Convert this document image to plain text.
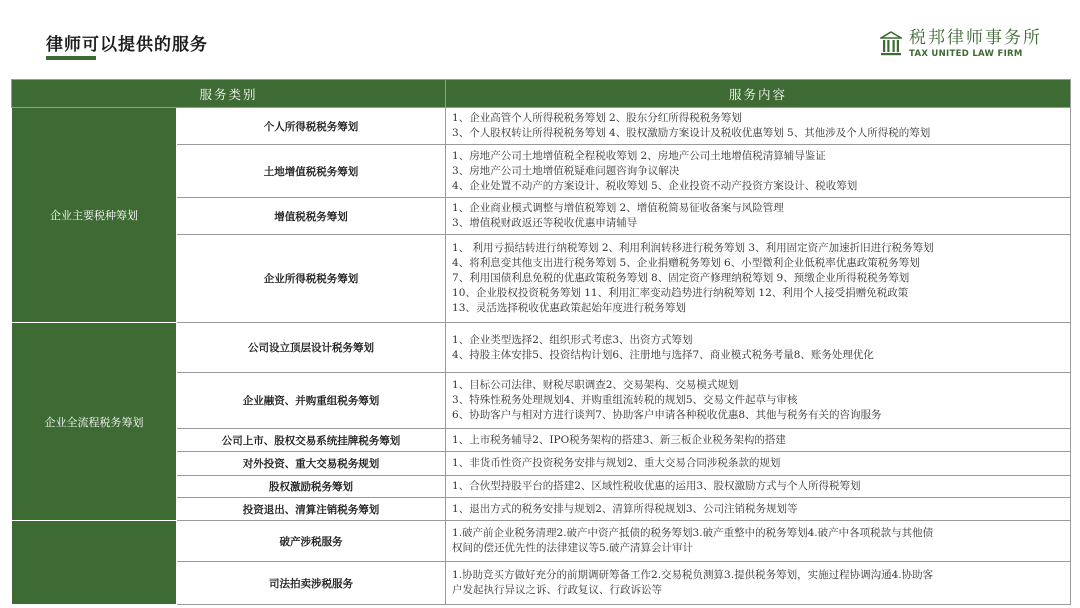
律师可以提供的服务	税邦律师事务所
TAX UNITED LAW FIRM
服务类别		服务内容
企业主要税种筹划	个人所得税税务筹划	1、企业高管个人所得税税务筹划 2、股东分红所得税税务筹划
3、个人股权转让所得税税务筹划 4、股权激励方案设计及税收优惠筹划 5、其他涉及个人所得税的筹划

	土地增值税税务筹划	1、房地产公司土地增值税全程税收筹划 2、房地产公司土地增值税清算辅导鉴证
3、房地产公司土地增值税疑难问题咨询争议解决
4、企业处置不动产的方案设计、税收筹划 5、企业投资不动产投资方案设计、税收筹划

	增值税税务筹划	1、企业商业模式调整与增值税筹划 2、增值税简易征收备案与风险管理
3、增值税财政返还等税收优惠申请辅导

	企业所得税税务筹划	1、 利用亏损结转进行纳税筹划 2、利用利润转移进行税务筹划 3、利用固定资产加速折旧进行税务筹划
4、将利息变其他支出进行税务筹划 5、企业捐赠税务筹划 6、小型微利企业低税率优惠政策税务筹划
7、利用国债利息免税的优惠政策税务筹划 8、固定资产修理纳税筹划 9、预缴企业所得税税务筹划
10、企业股权投资税务筹划 11、利用汇率变动趋势进行纳税筹划 12、利用个人接受捐赠免税政策
13、灵活选择税收优惠政策起始年度进行税务筹划

企业全流程税务筹划	公司设立顶层设计税务筹划	1、企业类型选择2、组织形式考虑3、出资方式筹划
4、持股主体安排5、投资结构计划6、注册地与选择7、商业模式税务考量8、账务处理优化

	企业融资、并购重组税务筹划	1、目标公司法律、财税尽职调查2、交易架构、交易模式规划
3、特殊性税务处理规划4、并购重组流转税的规划5、交易文件起草与审核
6、协助客户与相对方进行谈判7、协助客户申请各种税收优惠8、其他与税务有关的咨询服务

	公司上市、股权交易系统挂牌税务筹划	1、上市税务辅导2、IPO税务架构的搭建3、新三板企业税务架构的搭建

	对外投资、重大交易税务规划	1、非货币性资产投资税务安排与规划2、重大交易合同涉税条款的规划

	股权激励税务筹划	1、合伙型持股平台的搭建2、区域性税收优惠的运用3、股权激励方式与个人所得税筹划

	投资退出、清算注销税务筹划	1、退出方式的税务安排与规划2、清算所得税规划3、公司注销税务规划等

	破产涉税服务	1.破产前企业税务清理2.破产中资产抵债的税务筹划3.破产重整中的税务筹划4.破产中各项税款与其他债
权间的偿还优先性的法律建议等5.破产清算会计审计

	司法拍卖涉税服务	1.协助竞买方做好充分的前期调研筹备工作2.交易税负测算3.提供税务筹划，实施过程协调沟通4.协助客
户发起执行异议之诉、行政复议、行政诉讼等
